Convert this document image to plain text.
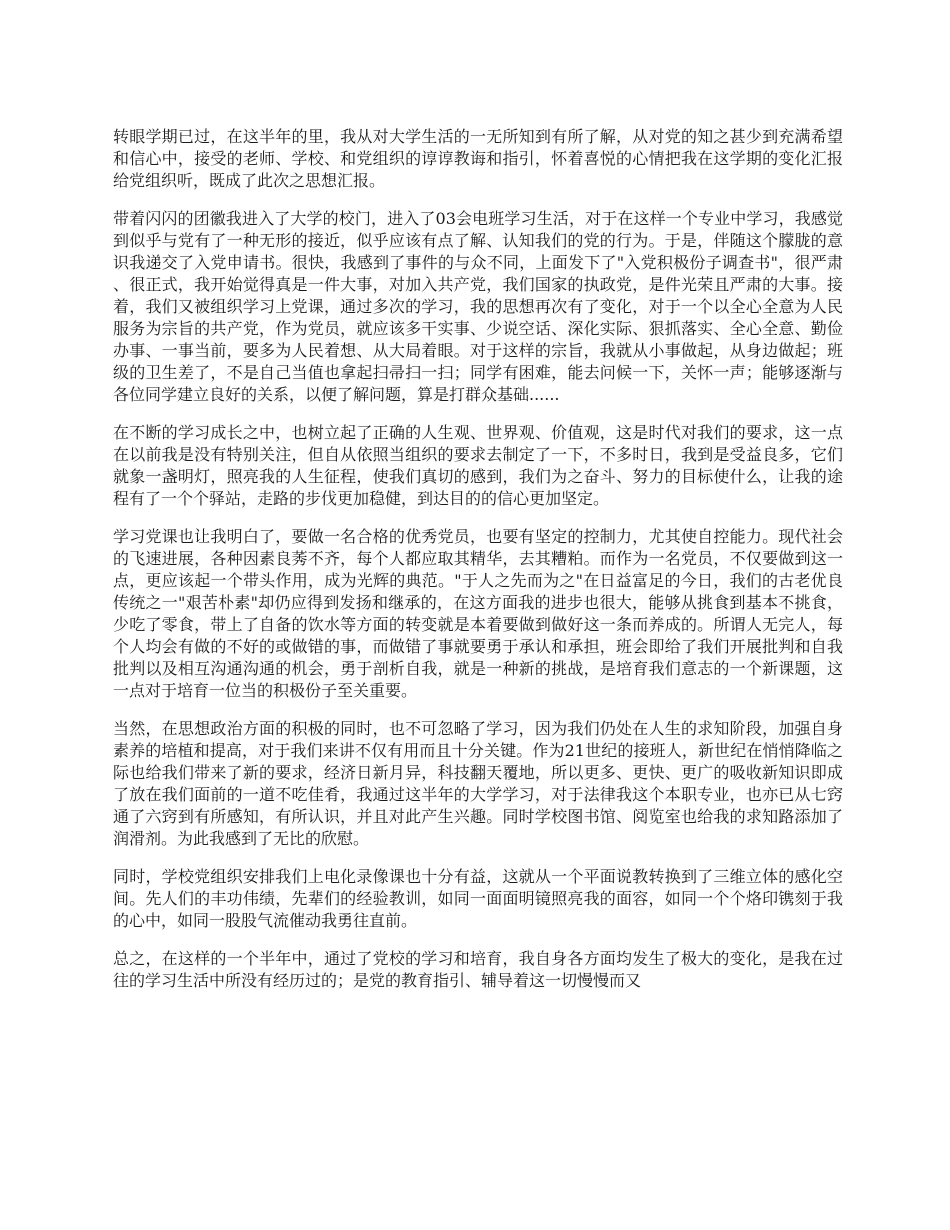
转眼学期已过，在这半年的里，我从对大学生活的一无所知到有所了解，从对党的知之甚少到充满希望和信心中，接受的老师、学校、和党组织的谆谆教诲和指引，怀着喜悦的心情把我在这学期的变化汇报给党组织听，既成了此次之思想汇报。

带着闪闪的团徽我进入了大学的校门，进入了03会电班学习生活，对于在这样一个专业中学习，我感觉到似乎与党有了一种无形的接近，似乎应该有点了解、认知我们的党的行为。于是，伴随这个朦胧的意识我递交了入党申请书。很快，我感到了事件的与众不同，上面发下了"入党积极份子调查书"，很严肃、很正式，我开始觉得真是一件大事，对加入共产党，我们国家的执政党，是件光荣且严肃的大事。接着，我们又被组织学习上党课，通过多次的学习，我的思想再次有了变化，对于一个以全心全意为人民服务为宗旨的共产党，作为党员，就应该多干实事、少说空话、深化实际、狠抓落实、全心全意、勤俭办事、一事当前，要多为人民着想、从大局着眼。对于这样的宗旨，我就从小事做起，从身边做起；班级的卫生差了，不是自己当值也拿起扫帚扫一扫；同学有困难，能去问候一下，关怀一声；能够逐渐与各位同学建立良好的关系，以便了解问题，算是打群众基础......

在不断的学习成长之中，也树立起了正确的人生观、世界观、价值观，这是时代对我们的要求，这一点在以前我是没有特别关注，但自从依照当组织的要求去制定了一下，不多时日，我到是受益良多，它们就象一盏明灯，照亮我的人生征程，使我们真切的感到，我们为之奋斗、努力的目标使什么，让我的途程有了一个个驿站，走路的步伐更加稳健，到达目的的信心更加坚定。

学习党课也让我明白了，要做一名合格的优秀党员，也要有坚定的控制力，尤其使自控能力。现代社会的飞速进展，各种因素良莠不齐，每个人都应取其精华，去其糟粕。而作为一名党员，不仅要做到这一点，更应该起一个带头作用，成为光辉的典范。"于人之先而为之"在日益富足的今日，我们的古老优良传统之一"艰苦朴素"却仍应得到发扬和继承的，在这方面我的进步也很大，能够从挑食到基本不挑食，少吃了零食，带上了自备的饮水等方面的转变就是本着要做到做好这一条而养成的。所谓人无完人，每个人均会有做的不好的或做错的事，而做错了事就要勇于承认和承担，班会即给了我们开展批判和自我批判以及相互沟通沟通的机会，勇于剖析自我，就是一种新的挑战，是培育我们意志的一个新课题，这一点对于培育一位当的积极份子至关重要。

当然，在思想政治方面的积极的同时，也不可忽略了学习，因为我们仍处在人生的求知阶段，加强自身素养的培植和提高，对于我们来讲不仅有用而且十分关键。作为21世纪的接班人，新世纪在悄悄降临之际也给我们带来了新的要求，经济日新月异，科技翻天覆地，所以更多、更快、更广的吸收新知识即成了放在我们面前的一道不吃佳肴，我通过这半年的大学学习，对于法律我这个本职专业，也亦已从七窍通了六窍到有所感知，有所认识，并且对此产生兴趣。同时学校图书馆、阅览室也给我的求知路添加了润滑剂。为此我感到了无比的欣慰。

同时，学校党组织安排我们上电化录像课也十分有益，这就从一个平面说教转换到了三维立体的感化空间。先人们的丰功伟绩，先辈们的经验教训，如同一面面明镜照亮我的面容，如同一个个烙印镌刻于我的心中，如同一股股气流催动我勇往直前。

总之，在这样的一个半年中，通过了党校的学习和培育，我自身各方面均发生了极大的变化，是我在过往的学习生活中所没有经历过的；是党的教育指引、辅导着这一切慢慢而又
